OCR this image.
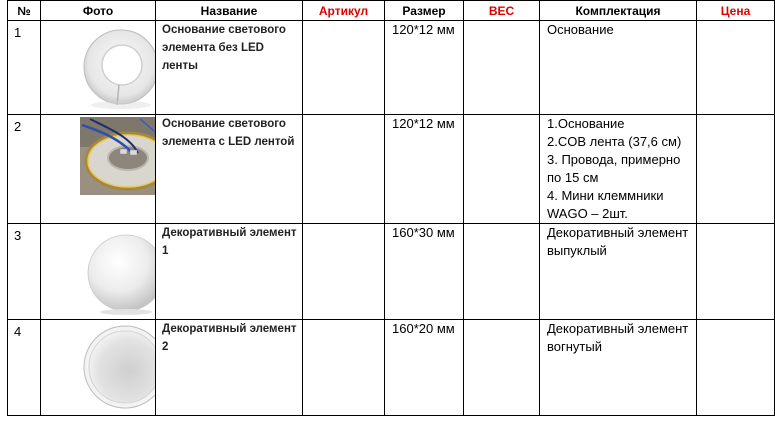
№	Фото	Название	Артикул	Размер	ВЕС	Комплектация	Цена
1		Основание светового элемента без LED ленты		120*12 мм		Основание	

2		Основание светового элемента с LED лентой		120*12 мм		1.Основание
2.COB лента (37,6 см)
3. Провода, примерно по 15 см
4. Мини клеммники WAGO – 2шт.	

3		Декоративный элемент 1		160*30 мм		Декоративный элемент выпуклый	

4		Декоративный элемент 2		160*20 мм		Декоративный элемент вогнутый	
